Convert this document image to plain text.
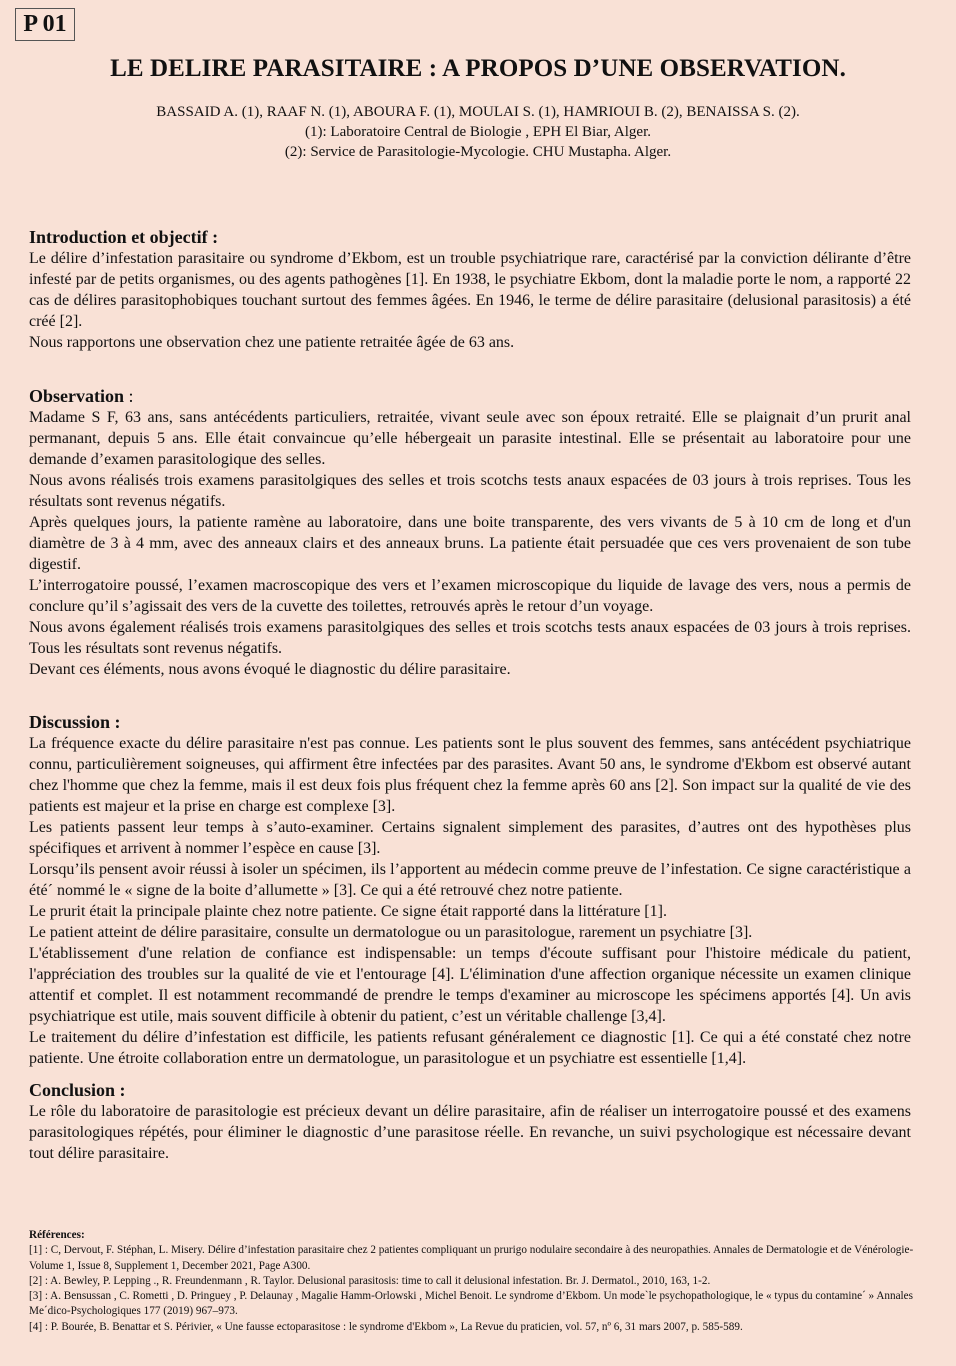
P 01
LE DELIRE PARASITAIRE : A PROPOS D’UNE OBSERVATION.
BASSAID A. (1), RAAF N. (1), ABOURA F. (1), MOULAI S. (1), HAMRIOUI B. (2), BENAISSA S. (2).
(1): Laboratoire Central de Biologie , EPH El Biar, Alger.
(2): Service de Parasitologie-Mycologie. CHU Mustapha. Alger.
Introduction et objectif :

Le délire d’infestation parasitaire ou syndrome d’Ekbom, est un trouble psychiatrique rare, caractérisé par la conviction délirante d’être infesté par de petits organismes, ou des agents pathogènes [1]. En 1938, le psychiatre Ekbom, dont la maladie porte le nom, a rapporté 22 cas de délires parasitophobiques touchant surtout des femmes âgées. En 1946, le terme de délire parasitaire (delusional parasitosis) a été créé [2].

Nous rapportons une observation chez une patiente retraitée âgée de 63 ans.

Observation :

Madame S F, 63 ans, sans antécédents particuliers, retraitée, vivant seule avec son époux retraité. Elle se plaignait d’un prurit anal permanant, depuis 5 ans. Elle était convaincue qu’elle hébergeait un parasite intestinal. Elle se présentait au laboratoire pour une demande d’examen parasitologique des selles.

Nous avons réalisés trois examens parasitolgiques des selles et trois scotchs tests anaux espacées de 03 jours à trois reprises. Tous les résultats sont revenus négatifs.

Après quelques jours, la patiente ramène au laboratoire, dans une boite transparente, des vers vivants de 5 à 10 cm de long et d'un diamètre de 3 à 4 mm, avec des anneaux clairs et des anneaux bruns. La patiente était persuadée que ces vers provenaient de son tube digestif.

L’interrogatoire poussé, l’examen macroscopique des vers et l’examen microscopique du liquide de lavage des vers, nous a permis de conclure qu’il s’agissait des vers de la cuvette des toilettes, retrouvés après le retour d’un voyage.

Nous avons également réalisés trois examens parasitolgiques des selles et trois scotchs tests anaux espacées de 03 jours à trois reprises. Tous les résultats sont revenus négatifs.

Devant ces éléments, nous avons évoqué le diagnostic du délire parasitaire.

Discussion :

La fréquence exacte du délire parasitaire n'est pas connue. Les patients sont le plus souvent des femmes, sans antécédent psychiatrique connu, particulièrement soigneuses, qui affirment être infectées par des parasites. Avant 50 ans, le syndrome d'Ekbom est observé autant chez l'homme que chez la femme, mais il est deux fois plus fréquent chez la femme après 60 ans [2]. Son impact sur la qualité de vie des patients est majeur et la prise en charge est complexe [3].

Les patients passent leur temps à s’auto-examiner. Certains signalent simplement des parasites, d’autres ont des hypothèses plus spécifiques et arrivent à nommer l’espèce en cause [3].

Lorsqu’ils pensent avoir réussi à isoler un spécimen, ils l’apportent au médecin comme preuve de l’infestation. Ce signe caractéristique a été´ nommé le « signe de la boite d’allumette » [3]. Ce qui a été retrouvé chez notre patiente.

Le prurit était la principale plainte chez notre patiente. Ce signe était rapporté dans la littérature [1].

Le patient atteint de délire parasitaire, consulte un dermatologue ou un parasitologue, rarement un psychiatre [3].

L'établissement d'une relation de confiance est indispensable: un temps d'écoute suffisant pour l'histoire médicale du patient, l'appréciation des troubles sur la qualité de vie et l'entourage [4]. L'élimination d'une affection organique nécessite un examen clinique attentif et complet. Il est notamment recommandé de prendre le temps d'examiner au microscope les spécimens apportés [4]. Un avis psychiatrique est utile, mais souvent difficile à obtenir du patient, c’est un véritable challenge [3,4].

Le traitement du délire d’infestation est difficile, les patients refusant généralement ce diagnostic [1]. Ce qui a été constaté chez notre patiente. Une étroite collaboration entre un dermatologue, un parasitologue et un psychiatre est essentielle [1,4].

Conclusion :

Le rôle du laboratoire de parasitologie est précieux devant un délire parasitaire, afin de réaliser un interrogatoire poussé et des examens parasitologiques répétés, pour éliminer le diagnostic d’une parasitose réelle. En revanche, un suivi psychologique est nécessaire devant tout délire parasitaire.

Références:

[1] : C, Dervout, F. Stéphan, L. Misery. Délire d’infestation parasitaire chez 2 patientes compliquant un prurigo nodulaire secondaire à des neuropathies. Annales de Dermatologie et de Vénérologie- Volume 1, Issue 8, Supplement 1, December 2021, Page A300.

[2] : A. Bewley, P. Lepping ., R. Freundenmann , R. Taylor. Delusional parasitosis: time to call it delusional infestation. Br. J. Dermatol., 2010, 163, 1-2.

[3] : A. Bensussan , C. Rometti , D. Pringuey , P. Delaunay , Magalie Hamm-Orlowski , Michel Benoit. Le syndrome d’Ekbom. Un mode`le psychopathologique, le « typus du contamine´ » Annales Me´dico-Psychologiques 177 (2019) 967–973.

[4] : P. Bourée, B. Benattar et S. Périvier, « Une fausse ectoparasitose : le syndrome d'Ekbom », La Revue du praticien, vol. 57, nº 6, 31 mars 2007, p. 585-589.
